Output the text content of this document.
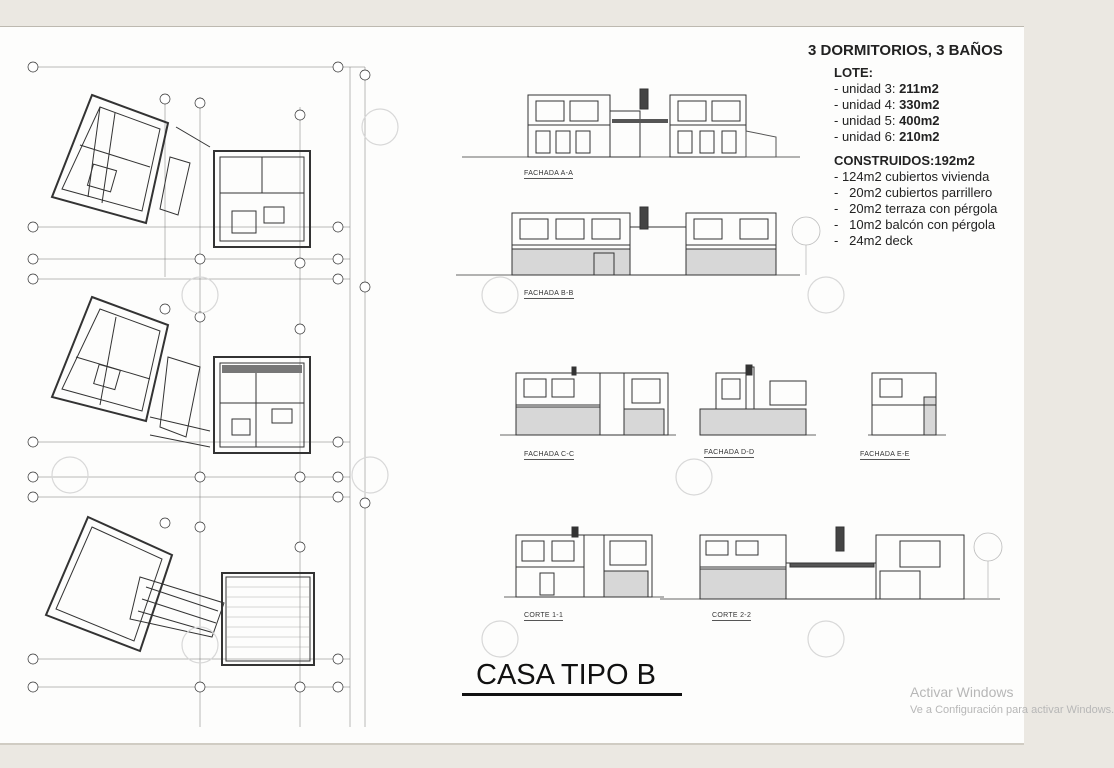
3 DORMITORIOS, 3 BAÑOS
LOTE:
- unidad 3: 211m2
- unidad 4: 330m2
- unidad 5: 400m2
- unidad 6: 210m2
CONSTRUIDOS:192m2
- 124m2 cubiertos vivienda
-   20m2 cubiertos parrillero
-   20m2 terraza con pérgola
-   10m2 balcón con pérgola
-   24m2 deck
FACHADA A-A
FACHADA B-B
FACHADA C-C	FACHADA D-D	FACHADA E-E
CORTE 1-1	CORTE 2-2
CASA TIPO B
Activar Windows
Ve a Configuración para activar Windows.
